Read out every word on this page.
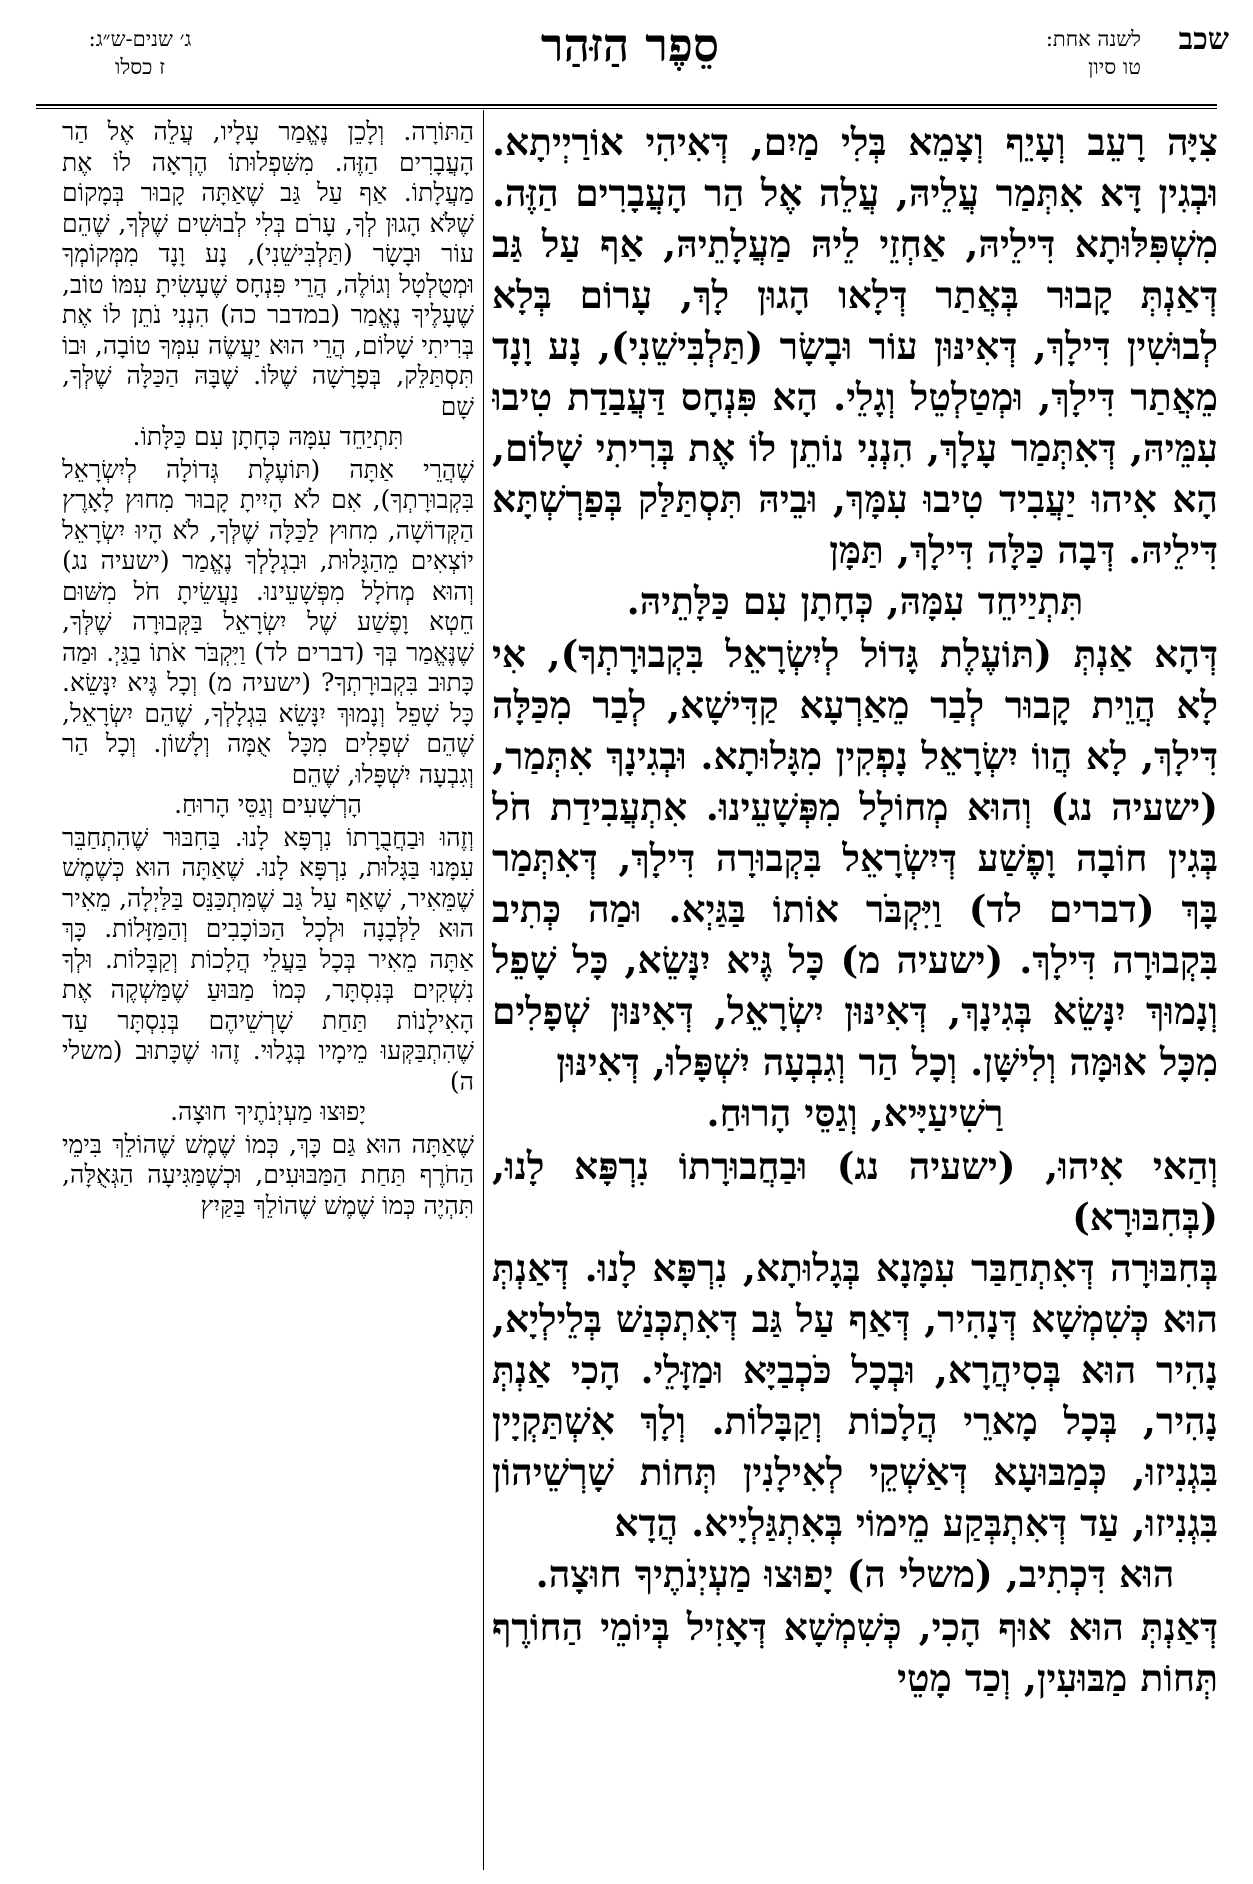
שכב
לשנה אחת:
טו סיון
סֵפֶר הַזּהַר
ג׳ שנים-ש״ג:
ז כסלו

צִיָּה רָעֵב וְעָיֵף וְצָמֵא בְּלִי מַיִם, דְּאִיהִי אוֹרַיְיתָא. וּבְגִין דָּא אִתְּמַר עֲלֵיהּ, עֲלֵה אֶל הַר הָעֲבָרִים הַזֶּה. מִשְׁפִּלּוּתָא דִּילֵיהּ, אַחְזֵי לֵיהּ מַעֲלָתֵיהּ, אַף עַל גַּב דְּאַנְתְּ קָבוּר בְּאֲתַר דְּלָאו הָגוּן לָךְ, עָרוֹם בְּלָא לְבוּשִׁין דִּילָךְ, דְּאִינּוּן עוֹר וּבָשָׂר (תַּלְבִּישֵׁנִי), נָע וָנָד מֵאֲתַר דִּילָךְ, וּמְטַלְטֵל וְגָלֵי. הָא פִּנְחָס דַּעֲבַדַת טִיבוּ עִמֵּיהּ, דְּאִתְּמַר עָלָךְ, הִנְנִי נוֹתֵן לוֹ אֶת בְּרִיתִי שָׁלוֹם, הָא אִיהוּ יַעֲבִיד טִיבוּ עִמָּךְ, וּבֵיהּ תִּסְתַּלַּק בְּפַרְשְׁתָּא דִּילֵיהּ. דְּבָה כַּלָּה דִּילָךְ, תַּמָּן

תִּתְיַיחֵד עִמָּהּ, כְּחָתָן עִם כַּלָּתֵיהּ.

דְּהָא אַנְתְּ (תּוֹעֶלֶת גָּדוֹל לְיִשְׂרָאֵל בִּקְבוּרָתְךָ), אִי לָא הֲוֵית קָבוּר לְבַר מֵאַרְעָא קַדִּישָׁא, לְבַר מִכַּלָּה דִּילָךְ, לָא הֲווֹ יִשְׂרָאֵל נָפְקִין מִגָּלוּתָא. וּבְגִינָךְ אִתְּמַר, (ישעיה נג) וְהוּא מְחוֹלָל מִפְּשָׁעֵינוּ. אִתְעֲבִידַת חֹל בְּגִין חוֹבָה וָפֶשַׁע דְּיִשְׂרָאֵל בִּקְבוּרָה דִּילָךְ, דְּאִתְּמַר בָּךְ (דברים לד) וַיִּקְבֹּר אוֹתוֹ בַּגַּיְא. וּמַה כְּתִיב בִּקְבוּרָה דִּילָךְ. (ישעיה מ) כָּל גֶּיא יִנָּשֵׂא, כָּל שָׁפֵל וְנָמוּךְ יִנָּשֵׂא בְּגִינָךְ, דְּאִינּוּן יִשְׂרָאֵל, דְּאִינּוּן שְׁפָלִים מִכָּל אוּמָּה וְלִישָּׁן. וְכָל הַר וְגִבְעָה יִשְׁפָּלוּ, דְּאִינּוּן

רַשִׁיעַיָּיא, וְגַסֵּי הָרוּחַ.

וְהַאי אִיהוּ, (ישעיה נג) וּבַחֲבוּרָתוֹ נִרְפָּא לָנוּ, (בְּחִבּוּרָא)

בְּחִבּוּרָה דְּאִתְחַבַּר עִמָּנָא בְּגָלוּתָא, נִרְפָּא לָנוּ. דְּאַנְתְּ הוּא כְּשִׁמְשָׁא דְּנָהִיר, דְּאַף עַל גַּב דְּאִתְכְּנַשׁ בְּלֵילְיָא, נָהִיר הוּא בְּסִיהֲרָא, וּבְכָל כֹּכְבַיָּא וּמַזָּלֵי. הָכִי אַנְתְּ נָהִיר, בְּכָל מָארֵי הֲלָכוֹת וְקַבָּלוֹת. וְלָךְ אִשְׁתַּקְיָין בִּגְנִיזוּ, כְּמַבּוּעָא דְּאַשְׁקֵי לְאִילָנִין תְּחוֹת שָׁרְשֵׁיהוֹן בִּגְנִיזוּ, עַד דְּאִתְבְּקַע מֵימוֹי בְּאִתְגַּלְיָיא. הֲדָא

הוּא דִּכְתִיב, (משלי ה) יָפוּצוּ מַעְיְנֹתֶיךָ חוּצָה.

דְּאַנְתְּ הוּא אוּף הָכִי, כְּשִׁמְשָׁא דְּאָזִיל בְּיוֹמֵי הַחוֹרֶף תְּחוֹת מַבּוּעִין, וְכַד מָטֵי

הַתּוֹרָה. וְלָכֵן נֶאֱמַר עָלָיו, עֲלֵה אֶל הַר הָעֲבָרִים הַזֶּה. מִשִּׁפְלוּתוֹ הֶרְאָה לוֹ אֶת מַעֲלָתוֹ. אַף עַל גַּב שֶׁאַתָּה קָבוּר בְּמָקוֹם שֶׁלֹּא הָגוּן לְךָ, עָרֹם בְּלִי לְבוּשִׁים שֶׁלְּךָ, שֶׁהֵם עוֹר וּבָשָׂר (תַּלְבִּישֵׁנִי), נָע וָנָד מִמְּקוֹמְךָ וּמְטֻלְטָל וְגוֹלֶה, הֲרֵי פִּנְחָס שֶׁעָשִׂיתָ עִמּוֹ טוֹב, שֶׁעָלֶיךָ נֶאֱמַר (במדבר כה) הִנְנִי נֹתֵן לוֹ אֶת בְּרִיתִי שָׁלוֹם, הֲרֵי הוּא יַעֲשֶׂה עִמְּךָ טוֹבָה, וּבוֹ תִּסְתַּלֵּק, בְּפָרָשָׁה שֶׁלּוֹ. שֶׁבָּהּ הַכַּלָּה שֶׁלְּךָ, שָׁם

תִּתְיַחֵד עִמָּהּ כְּחָתָן עִם כַּלָּתוֹ.

שֶׁהֲרֵי אַתָּה (תּוֹעֶלֶת גְּדוֹלָה לְיִשְׂרָאֵל בִּקְבוּרָתְךָ), אִם לֹא הָיִיתָ קָבוּר מִחוּץ לָאָרֶץ הַקְּדוֹשָׁה, מִחוּץ לַכַּלָּה שֶׁלְּךָ, לֹא הָיוּ יִשְׂרָאֵל יוֹצְאִים מֵהַגָּלוּת, וּבִגְלָלְךָ נֶאֱמַר (ישעיה נג) וְהוּא מְחֹלָל מִפְּשָׁעֵינוּ. נַעֲשֵׂיתָ חֹל מִשּׁוּם חֵטְא וָפֶשַׁע שֶׁל יִשְׂרָאֵל בַּקְּבוּרָה שֶׁלְּךָ, שֶׁנֶּאֱמַר בְּךָ (דברים לד) וַיִּקְבֹּר אֹתוֹ בַגַּיְ. וּמַה כָּתוּב בִּקְבוּרָתְךָ? (ישעיה מ) וְכָל גֶּיא יִנָּשֵׂא. כָּל שָׁפֵל וְנָמוּךְ יִנָּשֵׂא בִּגְלָלְךָ, שֶׁהֵם יִשְׂרָאֵל, שֶׁהֵם שְׁפָלִים מִכָּל אֻמָּה וְלָשׁוֹן. וְכָל הַר וְגִבְעָה יִשְׁפָּלוּ, שֶׁהֵם

הָרְשָׁעִים וְגַסֵּי הָרוּחַ.

וְזֶהוּ וּבַחֲבֻרָתוֹ נִרְפָּא לָנוּ. בַּחִבּוּר שֶׁהִתְחַבֵּר עִמָּנוּ בַּגָּלוּת, נִרְפָּא לָנוּ. שֶׁאַתָּה הוּא כְּשֶׁמֶשׁ שֶׁמֵּאִיר, שֶׁאַף עַל גַּב שֶׁמִּתְכַּנֵּס בַּלַּיְלָה, מֵאִיר הוּא לַלְּבָנָה וּלְכָל הַכּוֹכָבִים וְהַמַּזָּלוֹת. כָּךְ אַתָּה מֵאִיר בְּכָל בַּעֲלֵי הֲלָכוֹת וְקַבָּלוֹת. וּלְךָ נִשְׁקִים בְּנִסְתָּר, כְּמוֹ מַבּוּעַ שֶׁמַּשְׁקֶה אֶת הָאִילָנוֹת תַּחַת שָׁרְשֵׁיהֶם בְּנִסְתָּר עַד שֶׁהִתְבַּקְּעוּ מֵימָיו בְּגָלוּי. זֶהוּ שֶׁכָּתוּב (משלי ה)

יָפוּצוּ מַעְיְנֹתֶיךָ חוּצָה.

שֶׁאַתָּה הוּא גַּם כָּךְ, כְּמוֹ שֶׁמֶשׁ שֶׁהוֹלֵךְ בִּימֵי הַחֹרֶף תַּחַת הַמַּבּוּעִים, וּכְשֶׁמַּגִּיעָה הַגְּאֻלָּה, תִּהְיֶה כְּמוֹ שֶׁמֶשׁ שֶׁהוֹלֵךְ בַּקַּיִץ
